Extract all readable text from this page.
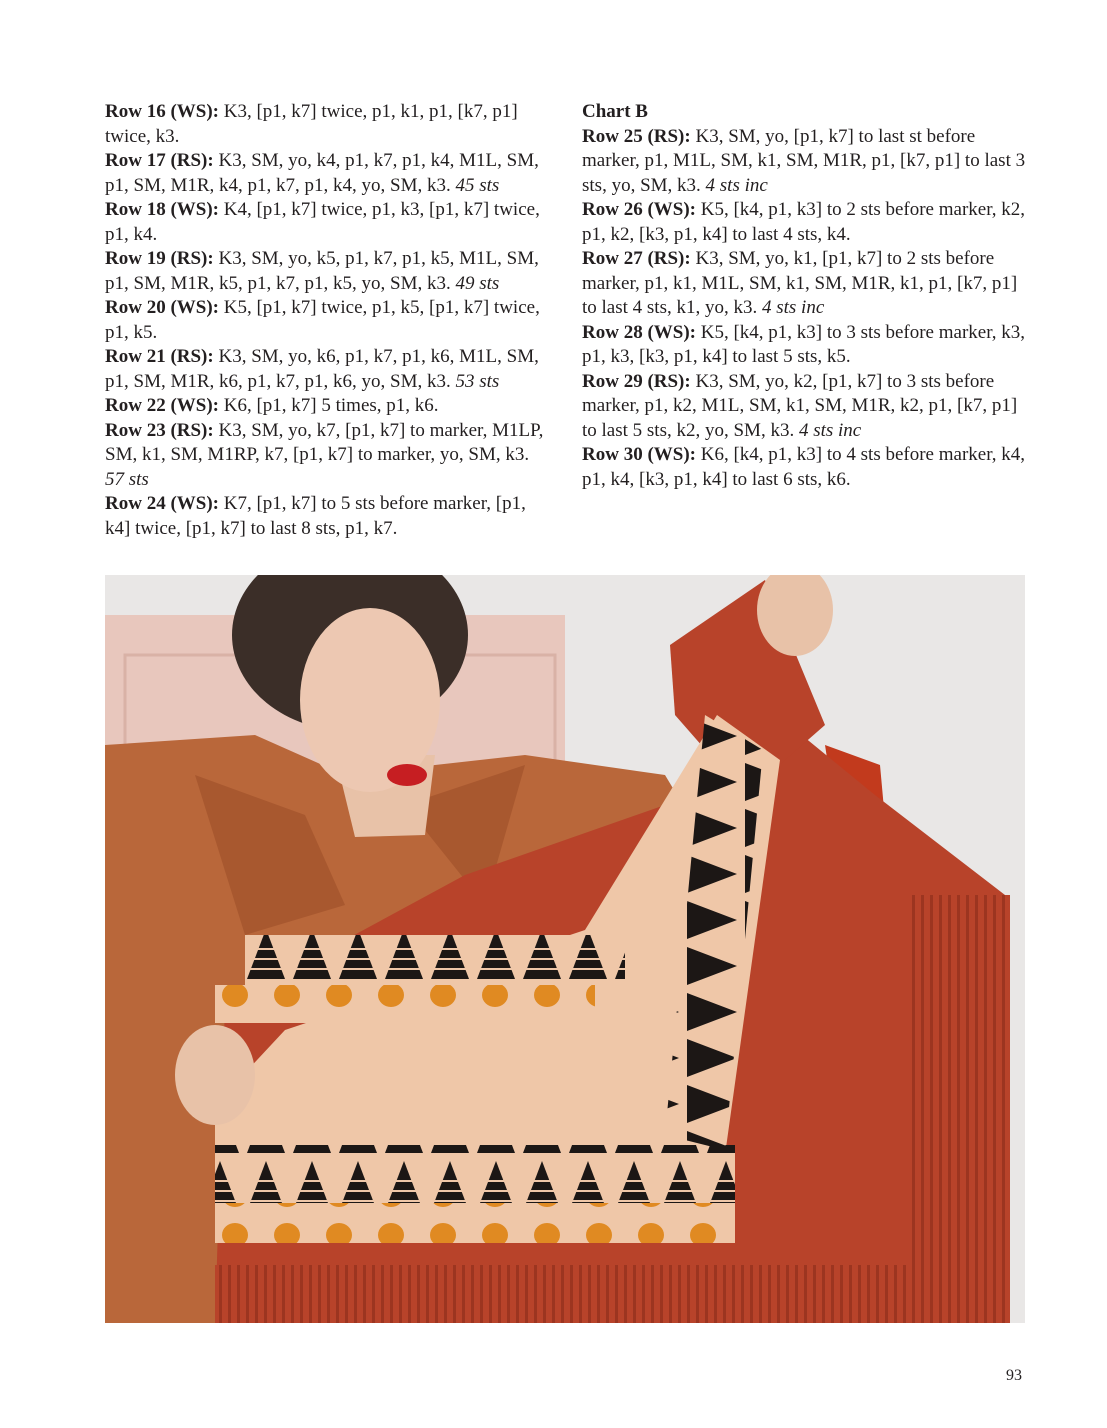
Row 16 (WS): K3, [p1, k7] twice, p1, k1, p1, [k7, p1] twice, k3.

Row 17 (RS): K3, SM, yo, k4, p1, k7, p1, k4, M1L, SM, p1, SM, M1R, k4, p1, k7, p1, k4, yo, SM, k3. 45 sts

Row 18 (WS): K4, [p1, k7] twice, p1, k3, [p1, k7] twice, p1, k4.

Row 19 (RS): K3, SM, yo, k5, p1, k7, p1, k5, M1L, SM, p1, SM, M1R, k5, p1, k7, p1, k5, yo, SM, k3. 49 sts

Row 20 (WS): K5, [p1, k7] twice, p1, k5, [p1, k7] twice, p1, k5.

Row 21 (RS): K3, SM, yo, k6, p1, k7, p1, k6, M1L, SM, p1, SM, M1R, k6, p1, k7, p1, k6, yo, SM, k3. 53 sts

Row 22 (WS): K6, [p1, k7] 5 times, p1, k6.

Row 23 (RS): K3, SM, yo, k7, [p1, k7] to marker, M1LP, SM, k1, SM, M1RP, k7, [p1, k7] to marker, yo, SM, k3. 57 sts

Row 24 (WS): K7, [p1, k7] to 5 sts before marker, [p1, k4] twice, [p1, k7] to last 8 sts, p1, k7.

Chart B

Row 25 (RS): K3, SM, yo, [p1, k7] to last st before marker, p1, M1L, SM, k1, SM, M1R, p1, [k7, p1] to last 3 sts, yo, SM, k3. 4 sts inc

Row 26 (WS): K5, [k4, p1, k3] to 2 sts before marker, k2, p1, k2, [k3, p1, k4] to last 4 sts, k4.

Row 27 (RS): K3, SM, yo, k1, [p1, k7] to 2 sts before marker, p1, k1, M1L, SM, k1, SM, M1R, k1, p1, [k7, p1] to last 4 sts, k1, yo, k3. 4 sts inc

Row 28 (WS): K5, [k4, p1, k3] to 3 sts before marker, k3, p1, k3, [k3, p1, k4] to last 5 sts, k5.

Row 29 (RS): K3, SM, yo, k2, [p1, k7] to 3 sts before marker, p1, k2, M1L, SM, k1, SM, M1R, k2, p1, [k7, p1] to last 5 sts, k2, yo, SM, k3. 4 sts inc

Row 30 (WS): K6, [k4, p1, k3] to 4 sts before marker, k4, p1, k4, [k3, p1, k4] to last 6 sts, k6.

93
